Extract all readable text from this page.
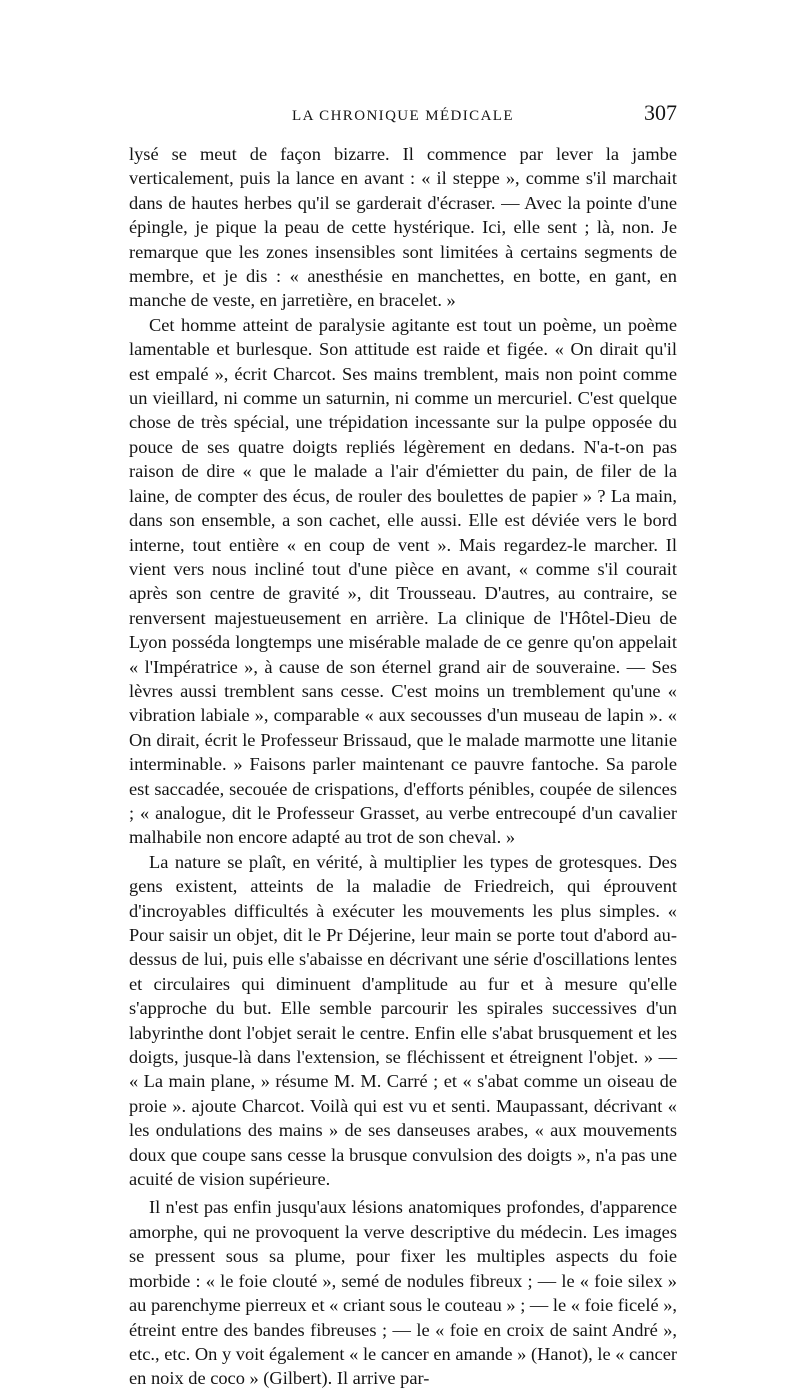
LA CHRONIQUE MÉDICALE	307

lysé se meut de façon bizarre. Il commence par lever la jambe verticalement, puis la lance en avant : « il steppe », comme s'il marchait dans de hautes herbes qu'il se garderait d'écraser. — Avec la pointe d'une épingle, je pique la peau de cette hystérique. Ici, elle sent ; là, non. Je remarque que les zones insensibles sont limitées à certains segments de membre, et je dis : « anesthésie en manchettes, en botte, en gant, en manche de veste, en jarretière, en bracelet. »

Cet homme atteint de paralysie agitante est tout un poème, un poème lamentable et burlesque. Son attitude est raide et figée. « On dirait qu'il est empalé », écrit Charcot. Ses mains tremblent, mais non point comme un vieillard, ni comme un saturnin, ni comme un mercuriel. C'est quelque chose de très spécial, une trépidation incessante sur la pulpe opposée du pouce de ses quatre doigts repliés légèrement en dedans. N'a-t-on pas raison de dire « que le malade a l'air d'émietter du pain, de filer de la laine, de compter des écus, de rouler des boulettes de papier » ? La main, dans son ensemble, a son cachet, elle aussi. Elle est déviée vers le bord interne, tout entière « en coup de vent ». Mais regardez-le marcher. Il vient vers nous incliné tout d'une pièce en avant, « comme s'il courait après son centre de gravité », dit Trousseau. D'autres, au contraire, se renversent majestueusement en arrière. La clinique de l'Hôtel-Dieu de Lyon posséda longtemps une misérable malade de ce genre qu'on appelait « l'Impératrice », à cause de son éternel grand air de souveraine. — Ses lèvres aussi tremblent sans cesse. C'est moins un tremblement qu'une « vibration labiale », comparable « aux secousses d'un museau de lapin ». « On dirait, écrit le Professeur Brissaud, que le malade marmotte une litanie interminable. » Faisons parler maintenant ce pauvre fantoche. Sa parole est saccadée, secouée de crispations, d'efforts pénibles, coupée de silences ; « analogue, dit le Professeur Grasset, au verbe entrecoupé d'un cavalier malhabile non encore adapté au trot de son cheval. »

La nature se plaît, en vérité, à multiplier les types de grotesques. Des gens existent, atteints de la maladie de Friedreich, qui éprouvent d'incroyables difficultés à exécuter les mouvements les plus simples. « Pour saisir un objet, dit le Pr Déjerine, leur main se porte tout d'abord au-dessus de lui, puis elle s'abaisse en décrivant une série d'oscillations lentes et circulaires qui diminuent d'amplitude au fur et à mesure qu'elle s'approche du but. Elle semble parcourir les spirales successives d'un labyrinthe dont l'objet serait le centre. Enfin elle s'abat brusquement et les doigts, jusque-là dans l'extension, se fléchissent et étreignent l'objet. » — « La main plane, » résume M. M. Carré ; et « s'abat comme un oiseau de proie ». ajoute Charcot. Voilà qui est vu et senti. Maupassant, décrivant « les ondulations des mains » de ses danseuses arabes, « aux mouvements doux que coupe sans cesse la brusque convulsion des doigts », n'a pas une acuité de vision supérieure.

Il n'est pas enfin jusqu'aux lésions anatomiques profondes, d'apparence amorphe, qui ne provoquent la verve descriptive du médecin. Les images se pressent sous sa plume, pour fixer les multiples aspects du foie morbide : « le foie clouté », semé de nodules fibreux ; — le « foie silex » au parenchyme pierreux et « criant sous le couteau » ; — le « foie ficelé », étreint entre des bandes fibreuses ; — le « foie en croix de saint André », etc., etc. On y voit également « le cancer en amande » (Hanot), le « cancer en noix de coco » (Gilbert). Il arrive par-
